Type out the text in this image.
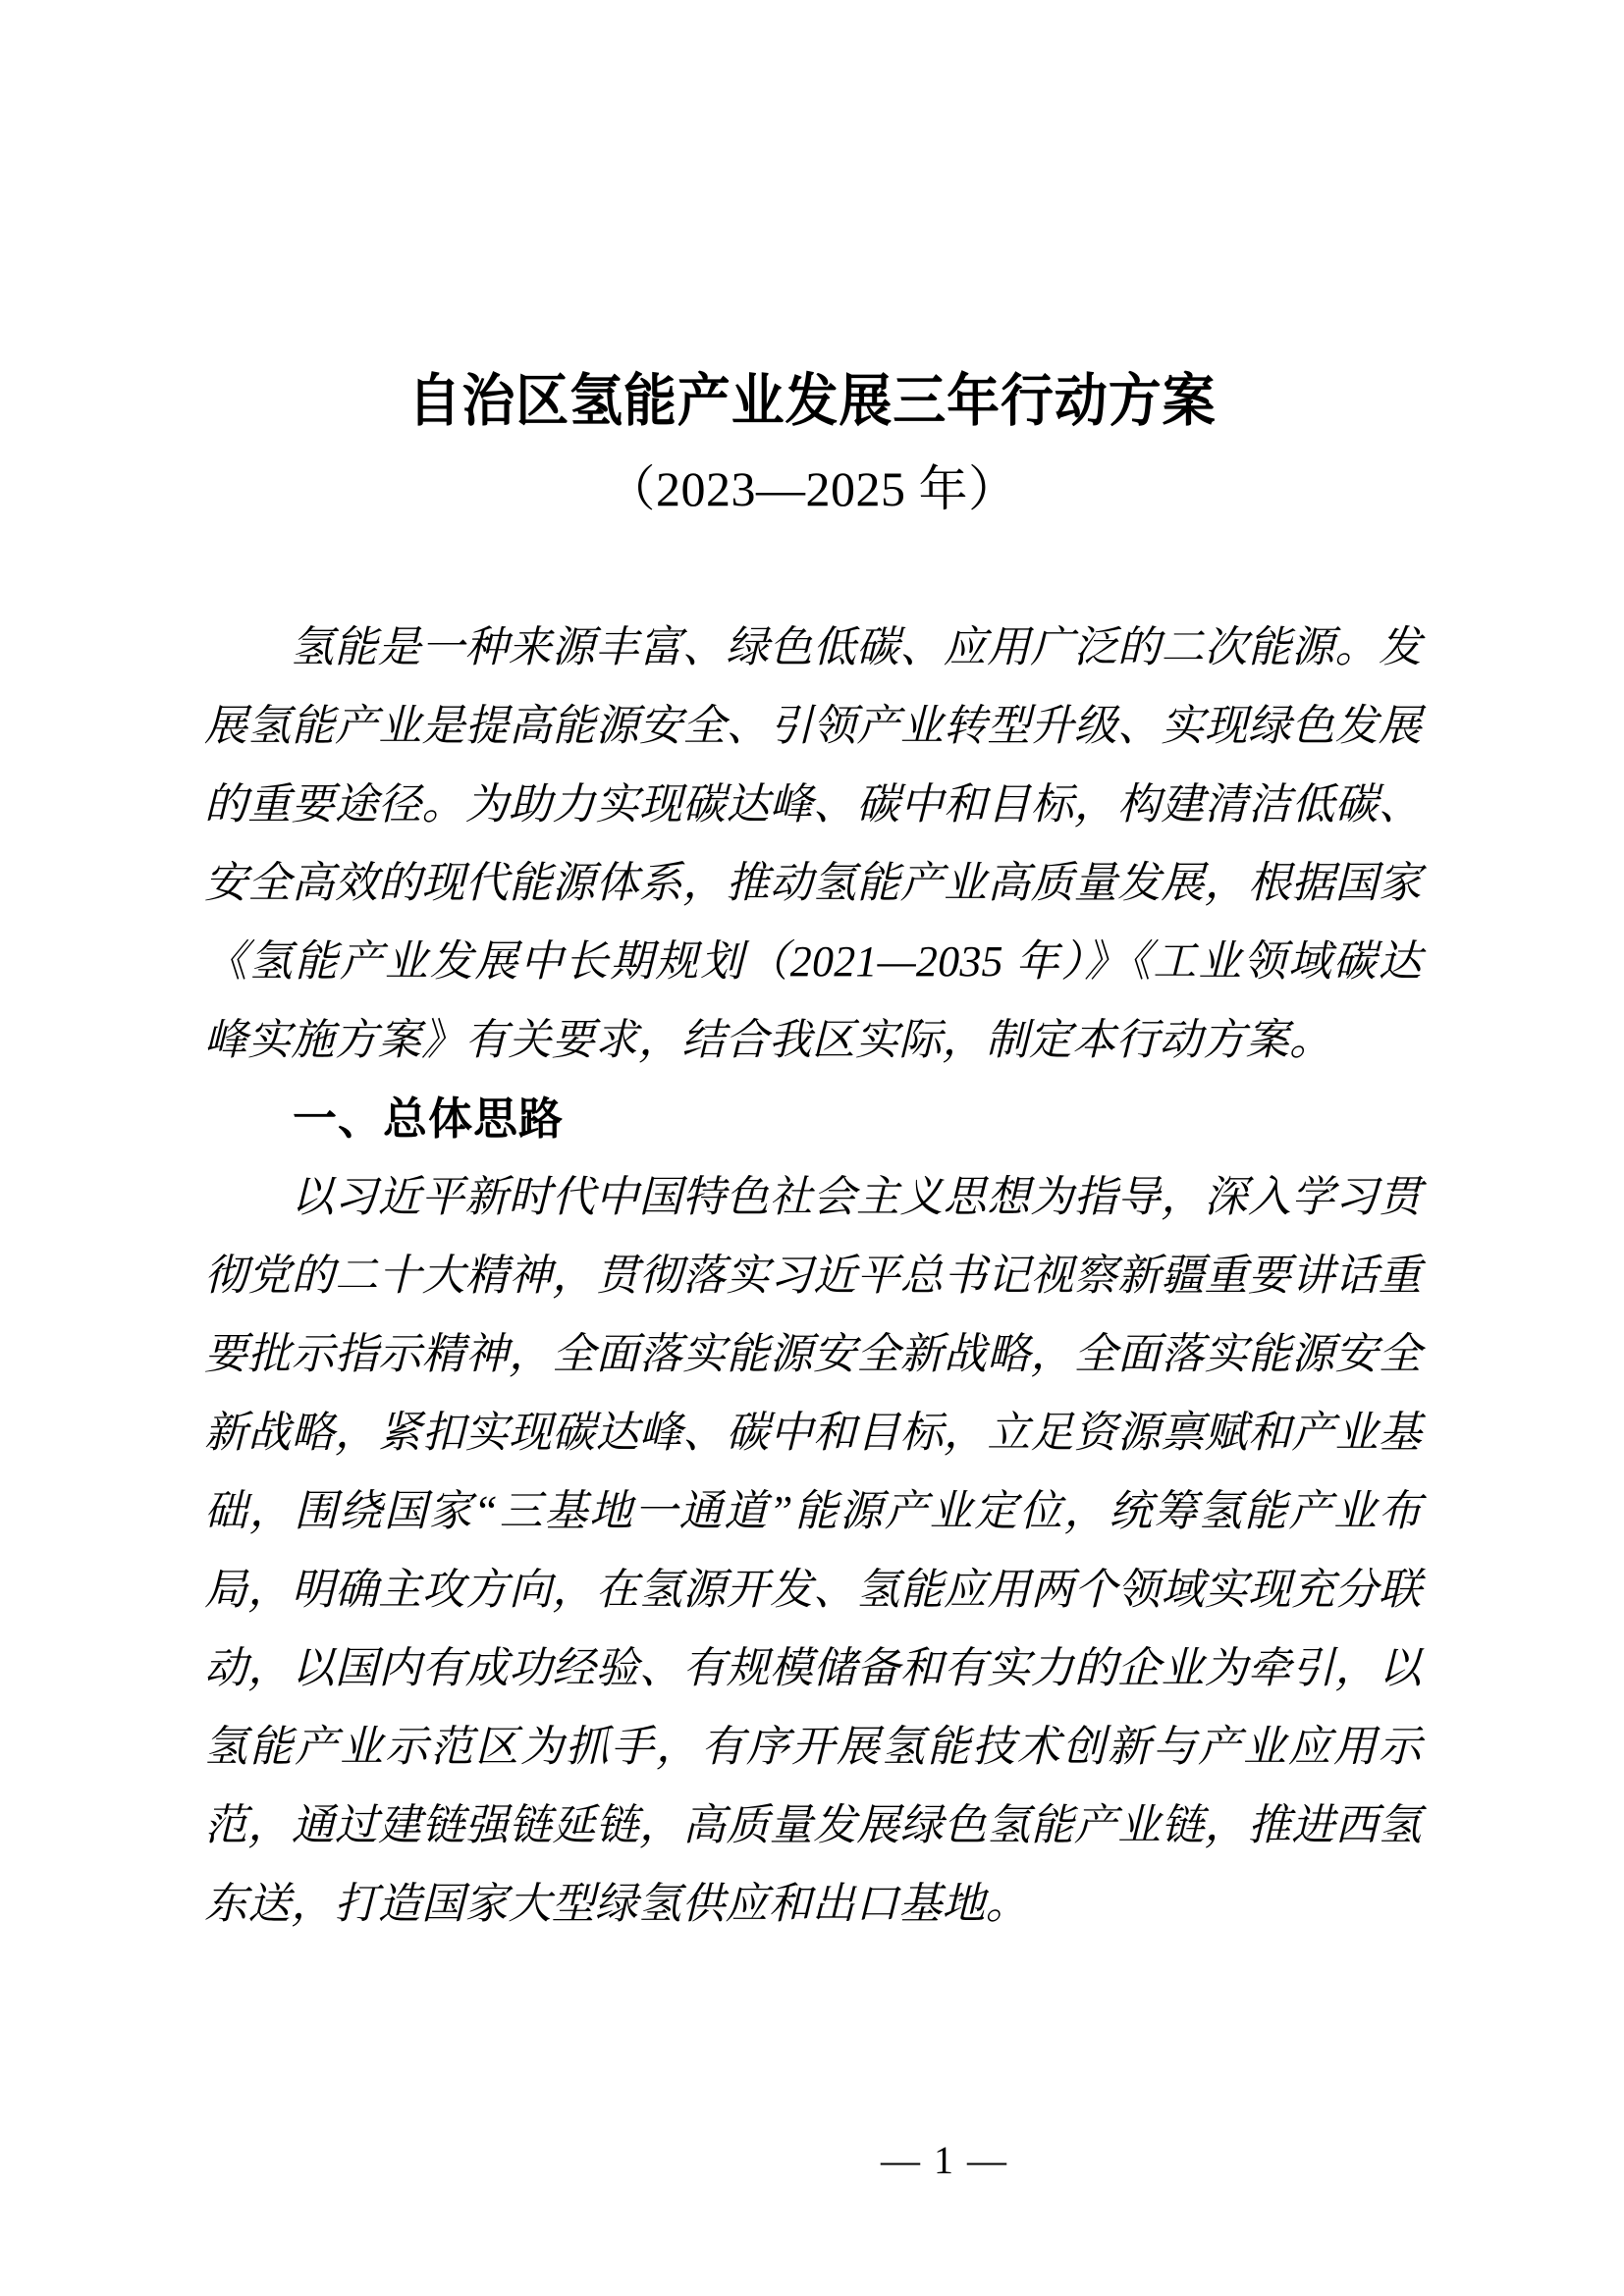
自治区氢能产业发展三年行动方案
（2023—2025 年）

氢能是一种来源丰富、绿色低碳、应用广泛的二次能源。发展氢能产业是提高能源安全、引领产业转型升级、实现绿色发展的重要途径。为助力实现碳达峰、碳中和目标，构建清洁低碳、安全高效的现代能源体系，推动氢能产业高质量发展，根据国家《氢能产业发展中长期规划（2021—2035 年）》《工业领域碳达峰实施方案》有关要求，结合我区实际，制定本行动方案。

一、总体思路

以习近平新时代中国特色社会主义思想为指导，深入学习贯彻党的二十大精神，贯彻落实习近平总书记视察新疆重要讲话重要批示指示精神，全面落实能源安全新战略，全面落实能源安全新战略，紧扣实现碳达峰、碳中和目标，立足资源禀赋和产业基础，围绕国家“三基地一通道”能源产业定位，统筹氢能产业布局，明确主攻方向，在氢源开发、氢能应用两个领域实现充分联动，以国内有成功经验、有规模储备和有实力的企业为牵引，以氢能产业示范区为抓手，有序开展氢能技术创新与产业应用示范，通过建链强链延链，高质量发展绿色氢能产业链，推进西氢东送，打造国家大型绿氢供应和出口基地。

— 1 —
